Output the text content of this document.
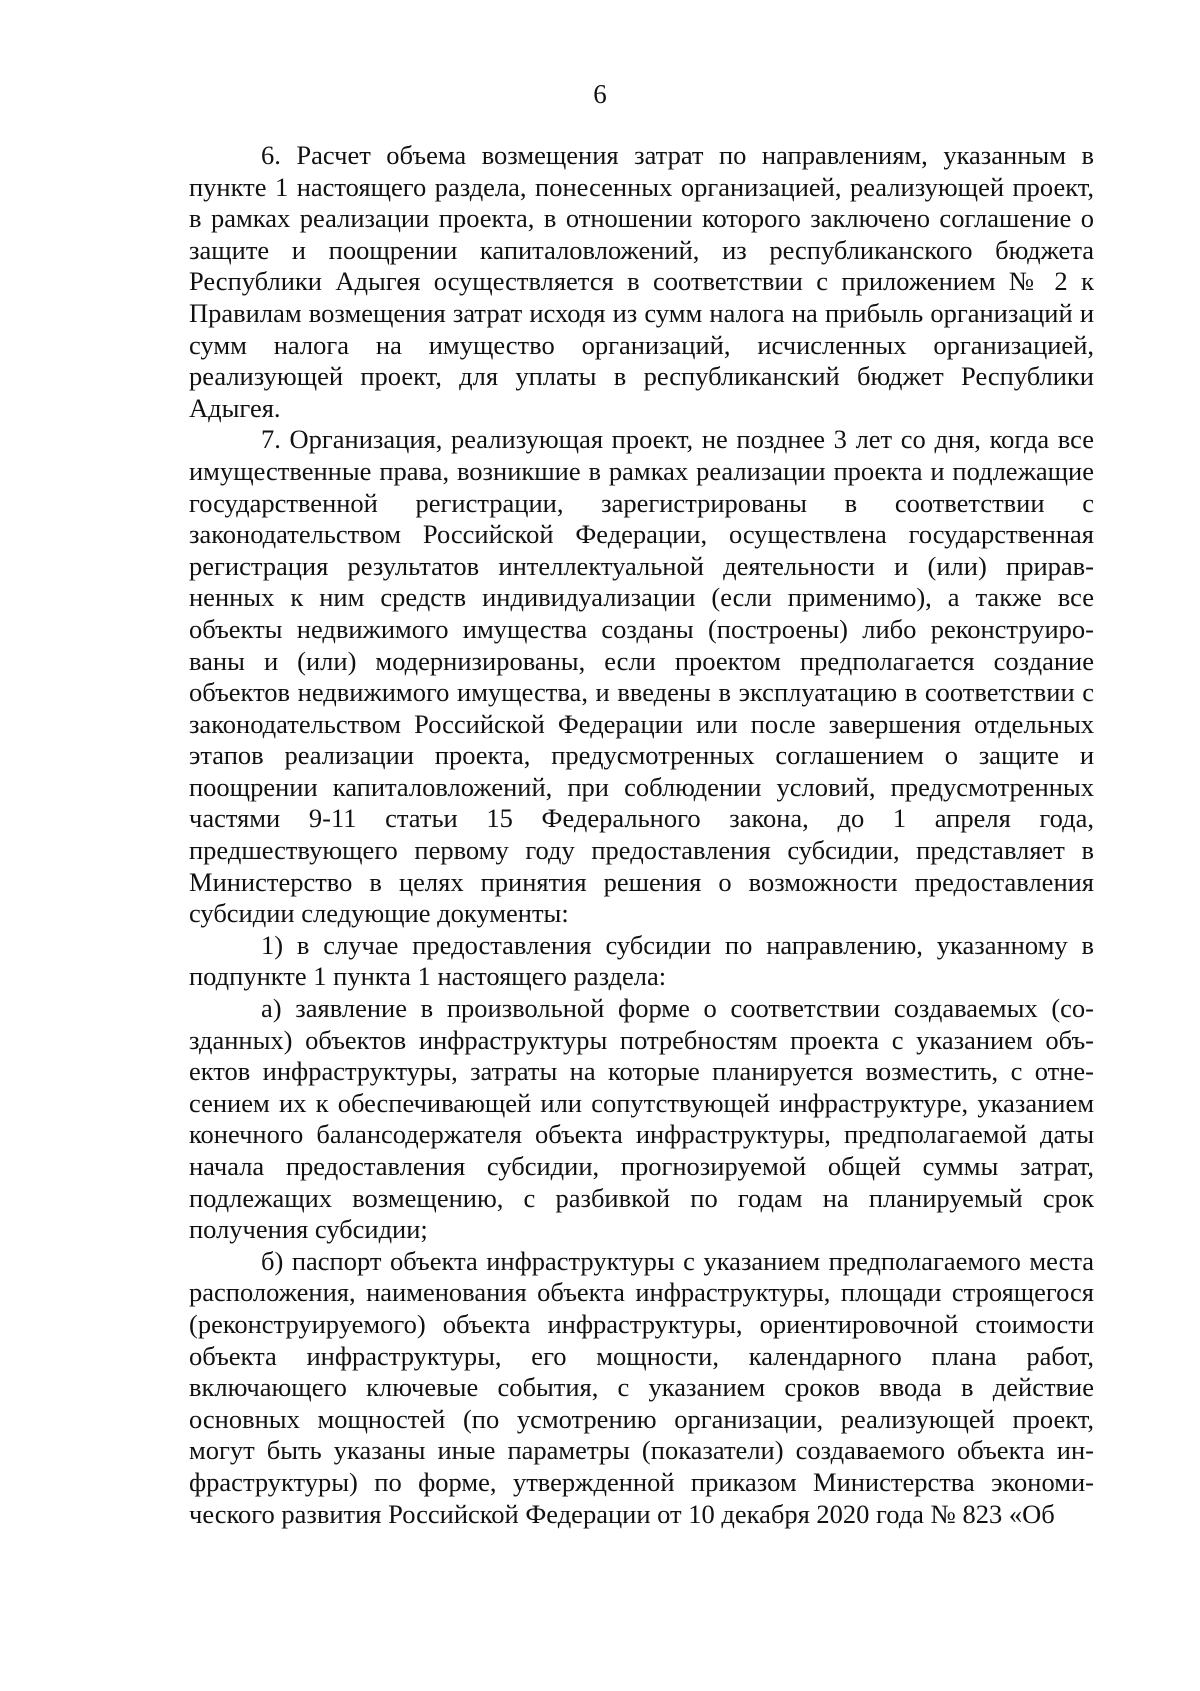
6

6. Расчет объема возмещения затрат по направлениям, указанным в пункте 1 настоящего раздела, понесенных организацией, реализующей проект, в рамках реализации проекта, в отношении которого заключено соглашение о защите и поощрении капиталовложений, из республиканского бюджета Республики Адыгея осуществляется в соответствии с приложением № 2 к Правилам возмещения затрат исходя из сумм налога на прибыль организаций и сумм налога на имущество организаций, исчисленных организацией, реализующей проект, для уплаты в республиканский бюджет Республики Адыгея.

7. Организация, реализующая проект, не позднее 3 лет со дня, когда все имущественные права, возникшие в рамках реализации проекта и подлежащие государственной регистрации, зарегистрированы в соответствии с законодательством Российской Федерации, осуществлена государственная регистрация результатов интеллектуальной деятельности и (или) приравненных к ним средств индивидуализации (если применимо), а также все объекты недвижимого имущества созданы (построены) либо реконструированы и (или) модернизированы, если проектом предполагается создание объектов недвижимого имущества, и введены в эксплуатацию в соответствии с законодательством Российской Федерации или после завершения отдельных этапов реализации проекта, предусмотренных соглашением о защите и поощрении капиталовложений, при соблюдении условий, предусмотренных частями 9-11 статьи 15 Федерального закона, до 1 апреля года, предшествующего первому году предоставления субсидии, представляет в Министерство в целях принятия решения о возможности предоставления субсидии следующие документы:

1) в случае предоставления субсидии по направлению, указанному в подпункте 1 пункта 1 настоящего раздела:

а) заявление в произвольной форме о соответствии создаваемых (созданных) объектов инфраструктуры потребностям проекта с указанием объектов инфраструктуры, затраты на которые планируется возместить, с отнесением их к обеспечивающей или сопутствующей инфраструктуре, указанием конечного балансодержателя объекта инфраструктуры, предполагаемой даты начала предоставления субсидии, прогнозируемой общей суммы затрат, подлежащих возмещению, с разбивкой по годам на планируемый срок получения субсидии;

б) паспорт объекта инфраструктуры с указанием предполагаемого места расположения, наименования объекта инфраструктуры, площади строящегося (реконструируемого) объекта инфраструктуры, ориентировочной стоимости объекта инфраструктуры, его мощности, календарного плана работ, включающего ключевые события, с указанием сроков ввода в действие основных мощностей (по усмотрению организации, реализующей проект, могут быть указаны иные параметры (показатели) создаваемого объекта инфраструктуры) по форме, утвержденной приказом Министерства экономического развития Российской Федерации от 10 декабря 2020 года № 823 «Об
